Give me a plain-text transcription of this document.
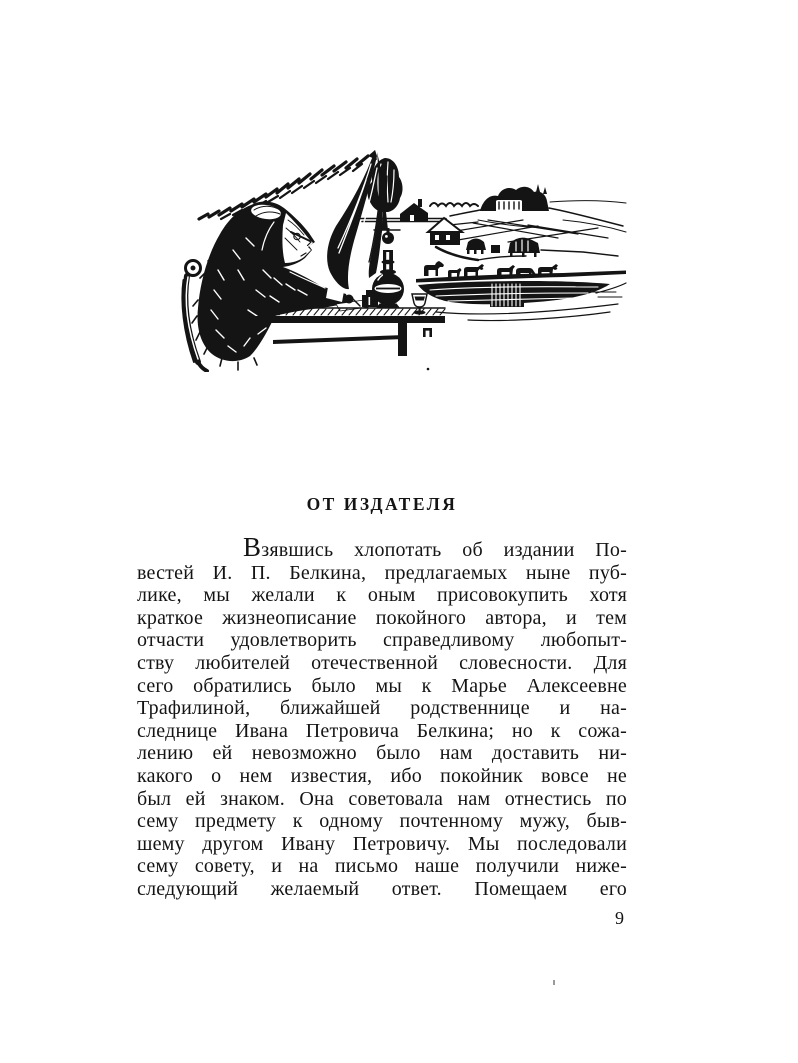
ОТ ИЗДАТЕЛЯ
Взявшись хлопотать об издании По-
вестей И. П. Белкина, предлагаемых ныне пуб-
лике, мы желали к оным присовокупить хотя
краткое жизнеописание покойного автора, и тем
отчасти удовлетворить справедливому любопыт-
ству любителей отечественной словесности. Для
сего обратились было мы к Марье Алексеевне
Трафилиной, ближайшей родственнице и на-
следнице Ивана Петровича Белкина; но к сожа-
лению ей невозможно было нам доставить ни-
какого о нем известия, ибо покойник вовсе не
был ей знаком. Она советовала нам отнестись по
сему предмету к одному почтенному мужу, быв-
шему другом Ивану Петровичу. Мы последовали
сему совету, и на письмо наше получили ниже-
следующий желаемый ответ. Помещаем его
9
